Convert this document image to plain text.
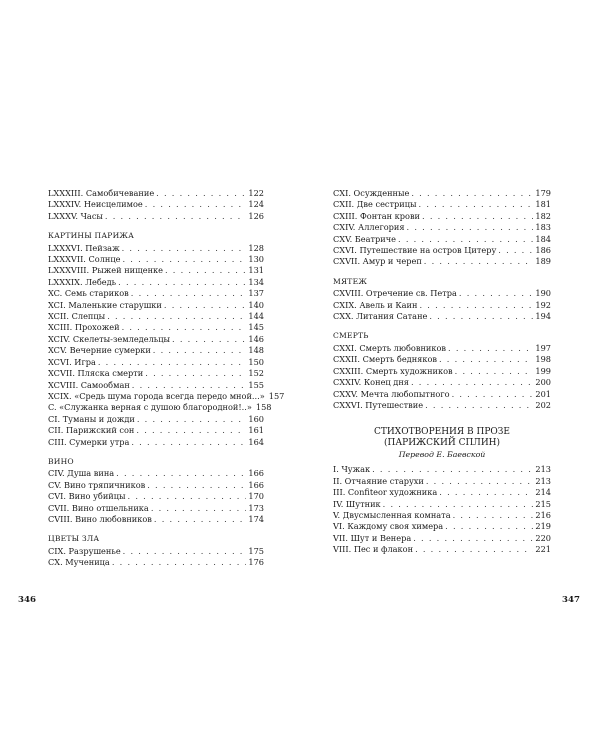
LXXXIII. Самобичевание . . .	122
LXXXIV. Неисцелимое . . .	124
LXXXV. Часы . . .	126
КАРТИНЫ ПАРИЖА
LXXXVI. Пейзаж . . .	128
LXXXVII. Солнце . . .	130
LXXXVIII. Рыжей нищенке . . .	131
LXXXIX. Лебедь . . .	134
XC. Семь стариков . . .	137
XCI. Маленькие старушки . . .	140
XCII. Слепцы . . .	144
XCIII. Прохожей . . .	145
XCIV. Скелеты-земледельцы . . .	146
XCV. Вечерние сумерки . . .	148
XCVI. Игра . . .	150
XCVII. Пляска смерти . . .	152
XCVIII. Самообман . . .	155
XCIX. «Средь шума города всегда передо мной...» 157
C. «Служанка верная с душою благородной!..» 158
CI. Туманы и дожди . . .	160
CII. Парижский сон . . .	161
CIII. Сумерки утра . . .	164
ВИНО
CIV. Душа вина . . .	166
CV. Вино тряпичников . . .	166
CVI. Вино убийцы . . .	170
CVII. Вино отшельника . . .	173
CVIII. Вино любовников . . .	174
ЦВЕТЫ ЗЛА
CIX. Разрушенье . . .	175
CX. Мученица . . .	176
CXI. Осужденные . . .	179
CXII. Две сестрицы . . .	181
CXIII. Фонтан крови . . .	182
CXIV. Аллегория . . .	183
CXV. Беатриче . . .	184
CXVI. Путешествие на остров Цитеру . . .	186
CXVII. Амур и череп . . .	189
МЯТЕЖ
CXVIII. Отречение св. Петра . . .	190
CXIX. Авель и Каин . . .	192
CXX. Литания Сатане . . .	194
СМЕРТЬ
CXXI. Смерть любовников . . .	197
CXXII. Смерть бедняков . . .	198
CXXIII. Смерть художников . . .	199
CXXIV. Конец дня . . .	200
CXXV. Мечта любопытного . . .	201
CXXVI. Путешествие . . .	202
СТИХОТВОРЕНИЯ В ПРОЗЕ
(ПАРИЖСКИЙ СПЛИН)
Перевод Е. Баевской
I. Чужак . . .	213
II. Отчаяние старухи . . .	213
III. Confiteor художника . . .	214
IV. Шутник . . .	215
V. Двусмысленная комната . . .	216
VI. Каждому своя химера . . .	219
VII. Шут и Венера . . .	220
VIII. Пес и флакон . . .	221
346	347
